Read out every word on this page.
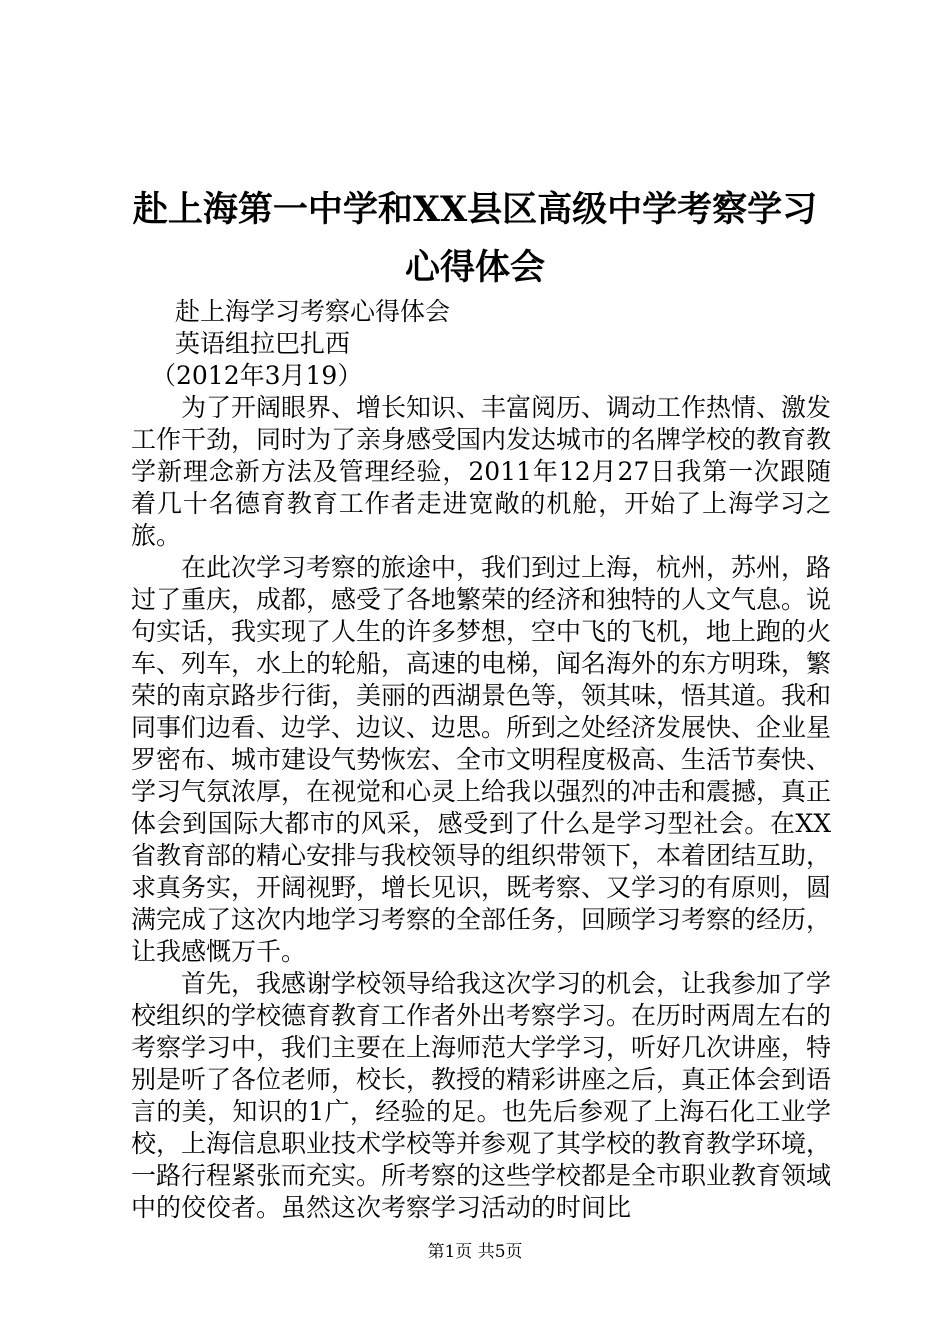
赴上海第一中学和XX县区高级中学考察学习
心得体会

赴上海学习考察心得体会

英语组拉巴扎西

（2012年3月19）

为了开阔眼界、增长知识、丰富阅历、调动工作热情、激发工作干劲，同时为了亲身感受国内发达城市的名牌学校的教育教学新理念新方法及管理经验，2011年12月27日我第一次跟随着几十名德育教育工作者走进宽敞的机舱，开始了上海学习之旅。

在此次学习考察的旅途中，我们到过上海，杭州，苏州，路过了重庆，成都，感受了各地繁荣的经济和独特的人文气息。说句实话，我实现了人生的许多梦想，空中飞的飞机，地上跑的火车、列车，水上的轮船，高速的电梯，闻名海外的东方明珠，繁荣的南京路步行街，美丽的西湖景色等，领其味，悟其道。我和同事们边看、边学、边议、边思。所到之处经济发展快、企业星罗密布、城市建设气势恢宏、全市文明程度极高、生活节奏快、学习气氛浓厚，在视觉和心灵上给我以强烈的冲击和震撼，真正体会到国际大都市的风采，感受到了什么是学习型社会。在XX省教育部的精心安排与我校领导的组织带领下，本着团结互助，求真务实，开阔视野，增长见识，既考察、又学习的有原则，圆满完成了这次内地学习考察的全部任务，回顾学习考察的经历，让我感慨万千。

首先，我感谢学校领导给我这次学习的机会，让我参加了学校组织的学校德育教育工作者外出考察学习。在历时两周左右的考察学习中，我们主要在上海师范大学学习，听好几次讲座，特别是听了各位老师，校长，教授的精彩讲座之后，真正体会到语言的美，知识的1广，经验的足。也先后参观了上海石化工业学校，上海信息职业技术学校等并参观了其学校的教育教学环境，一路行程紧张而充实。所考察的这些学校都是全市职业教育领域中的佼佼者。虽然这次考察学习活动的时间比

第1页 共5页
